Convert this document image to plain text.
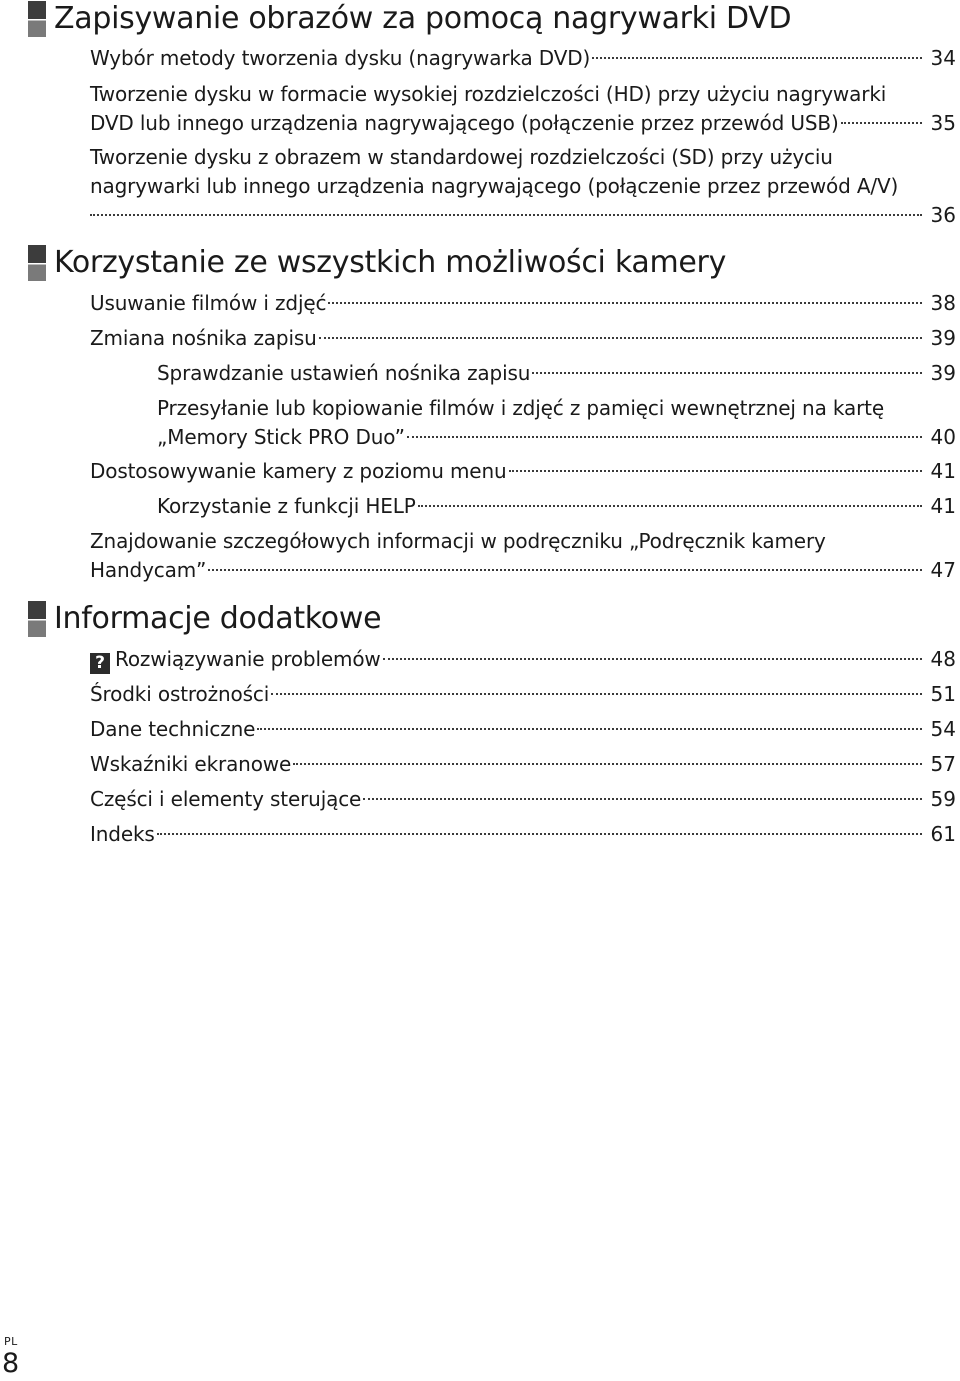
Zapisywanie obrazów za pomocą nagrywarki DVD
Wybór metody tworzenia dysku (nagrywarka DVD)	34
Tworzenie dysku w formacie wysokiej rozdzielczości (HD) przy użyciu nagrywarki
DVD lub innego urządzenia nagrywającego (połączenie przez przewód USB)	35
Tworzenie dysku z obrazem w standardowej rozdzielczości (SD) przy użyciu
nagrywarki lub innego urządzenia nagrywającego (połączenie przez przewód A/V)
36
Korzystanie ze wszystkich możliwości kamery
Usuwanie filmów i zdjęć	38
Zmiana nośnika zapisu	39
Sprawdzanie ustawień nośnika zapisu	39
Przesyłanie lub kopiowanie filmów i zdjęć z pamięci wewnętrznej na kartę
„Memory Stick PRO Duo”	40
Dostosowywanie kamery z poziomu menu	41
Korzystanie z funkcji HELP	41
Znajdowanie szczegółowych informacji w podręczniku „Podręcznik kamery
Handycam”	47
Informacje dodatkowe
? Rozwiązywanie problemów	48
Środki ostrożności	51
Dane techniczne	54
Wskaźniki ekranowe	57
Części i elementy sterujące	59
Indeks	61
PL
8
